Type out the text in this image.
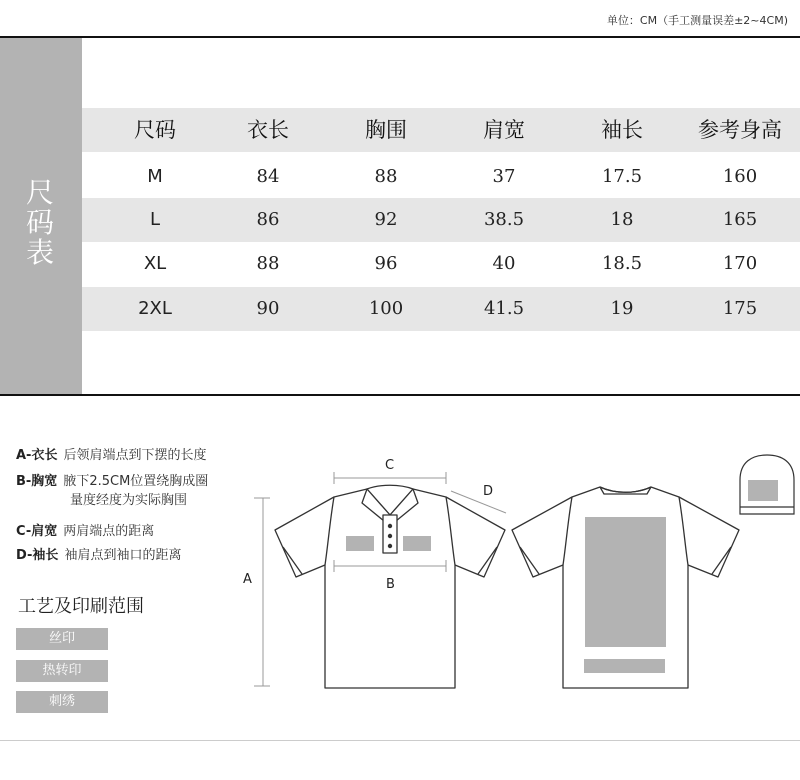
单位：CM（手工测量误差±2~4CM)
尺
码
表
尺码	衣长	胸围	肩宽	袖长	参考身高
M	84	88	37	17.5	160
L	86	92	38.5	18	165
XL	88	96	40	18.5	170
2XL	90	100	41.5	19	175
A-衣长 后领肩端点到下摆的长度
B-胸宽 腋下2.5CM位置绕胸成圈
量度经度为实际胸围
C-肩宽 两肩端点的距离
D-袖长 袖肩点到袖口的距离
工艺及印刷范围
丝印
热转印
刺绣
A
C
D
B
